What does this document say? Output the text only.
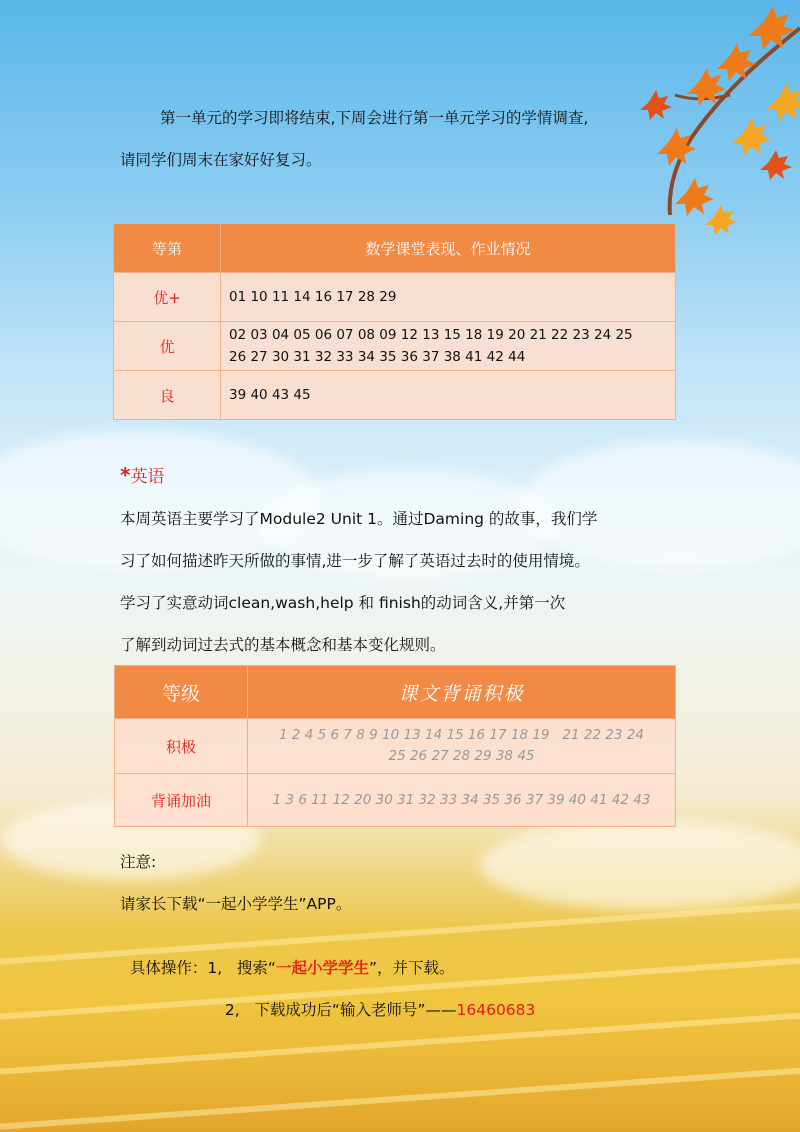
第一单元的学习即将结束,下周会进行第一单元学习的学情调查,
请同学们周末在家好好复习。
等第	数学课堂表现、作业情况
优+	01 10 11 14 16 17 28 29
优	02 03 04 05 06 07 08 09 12 13 15 18 19 20 21 22 23 24 25
26 27 30 31 32 33 34 35 36 37 38 41 42 44

良	39 40 43 45
*英语
本周英语主要学习了Module2 Unit 1。通过Daming 的故事，我们学
习了如何描述昨天所做的事情,进一步了解了英语过去时的使用情境。
学习了实意动词clean,wash,help 和 finish的动词含义,并第一次
了解到动词过去式的基本概念和基本变化规则。
等级	课文背诵积极
积极	1 2 4 5 6 7 8 9 10 13 14 15 16 17 18 19   21 22 23 24
25 26 27 28 29 38 45

背诵加油	1 3 6 11 12 20 30 31 32 33 34 35 36 37 39 40 41 42 43
注意:
请家长下载“一起小学学生”APP。

具体操作：1,   搜索“一起小学学生”，并下载。

2,   下载成功后“输入老师号”——16460683
